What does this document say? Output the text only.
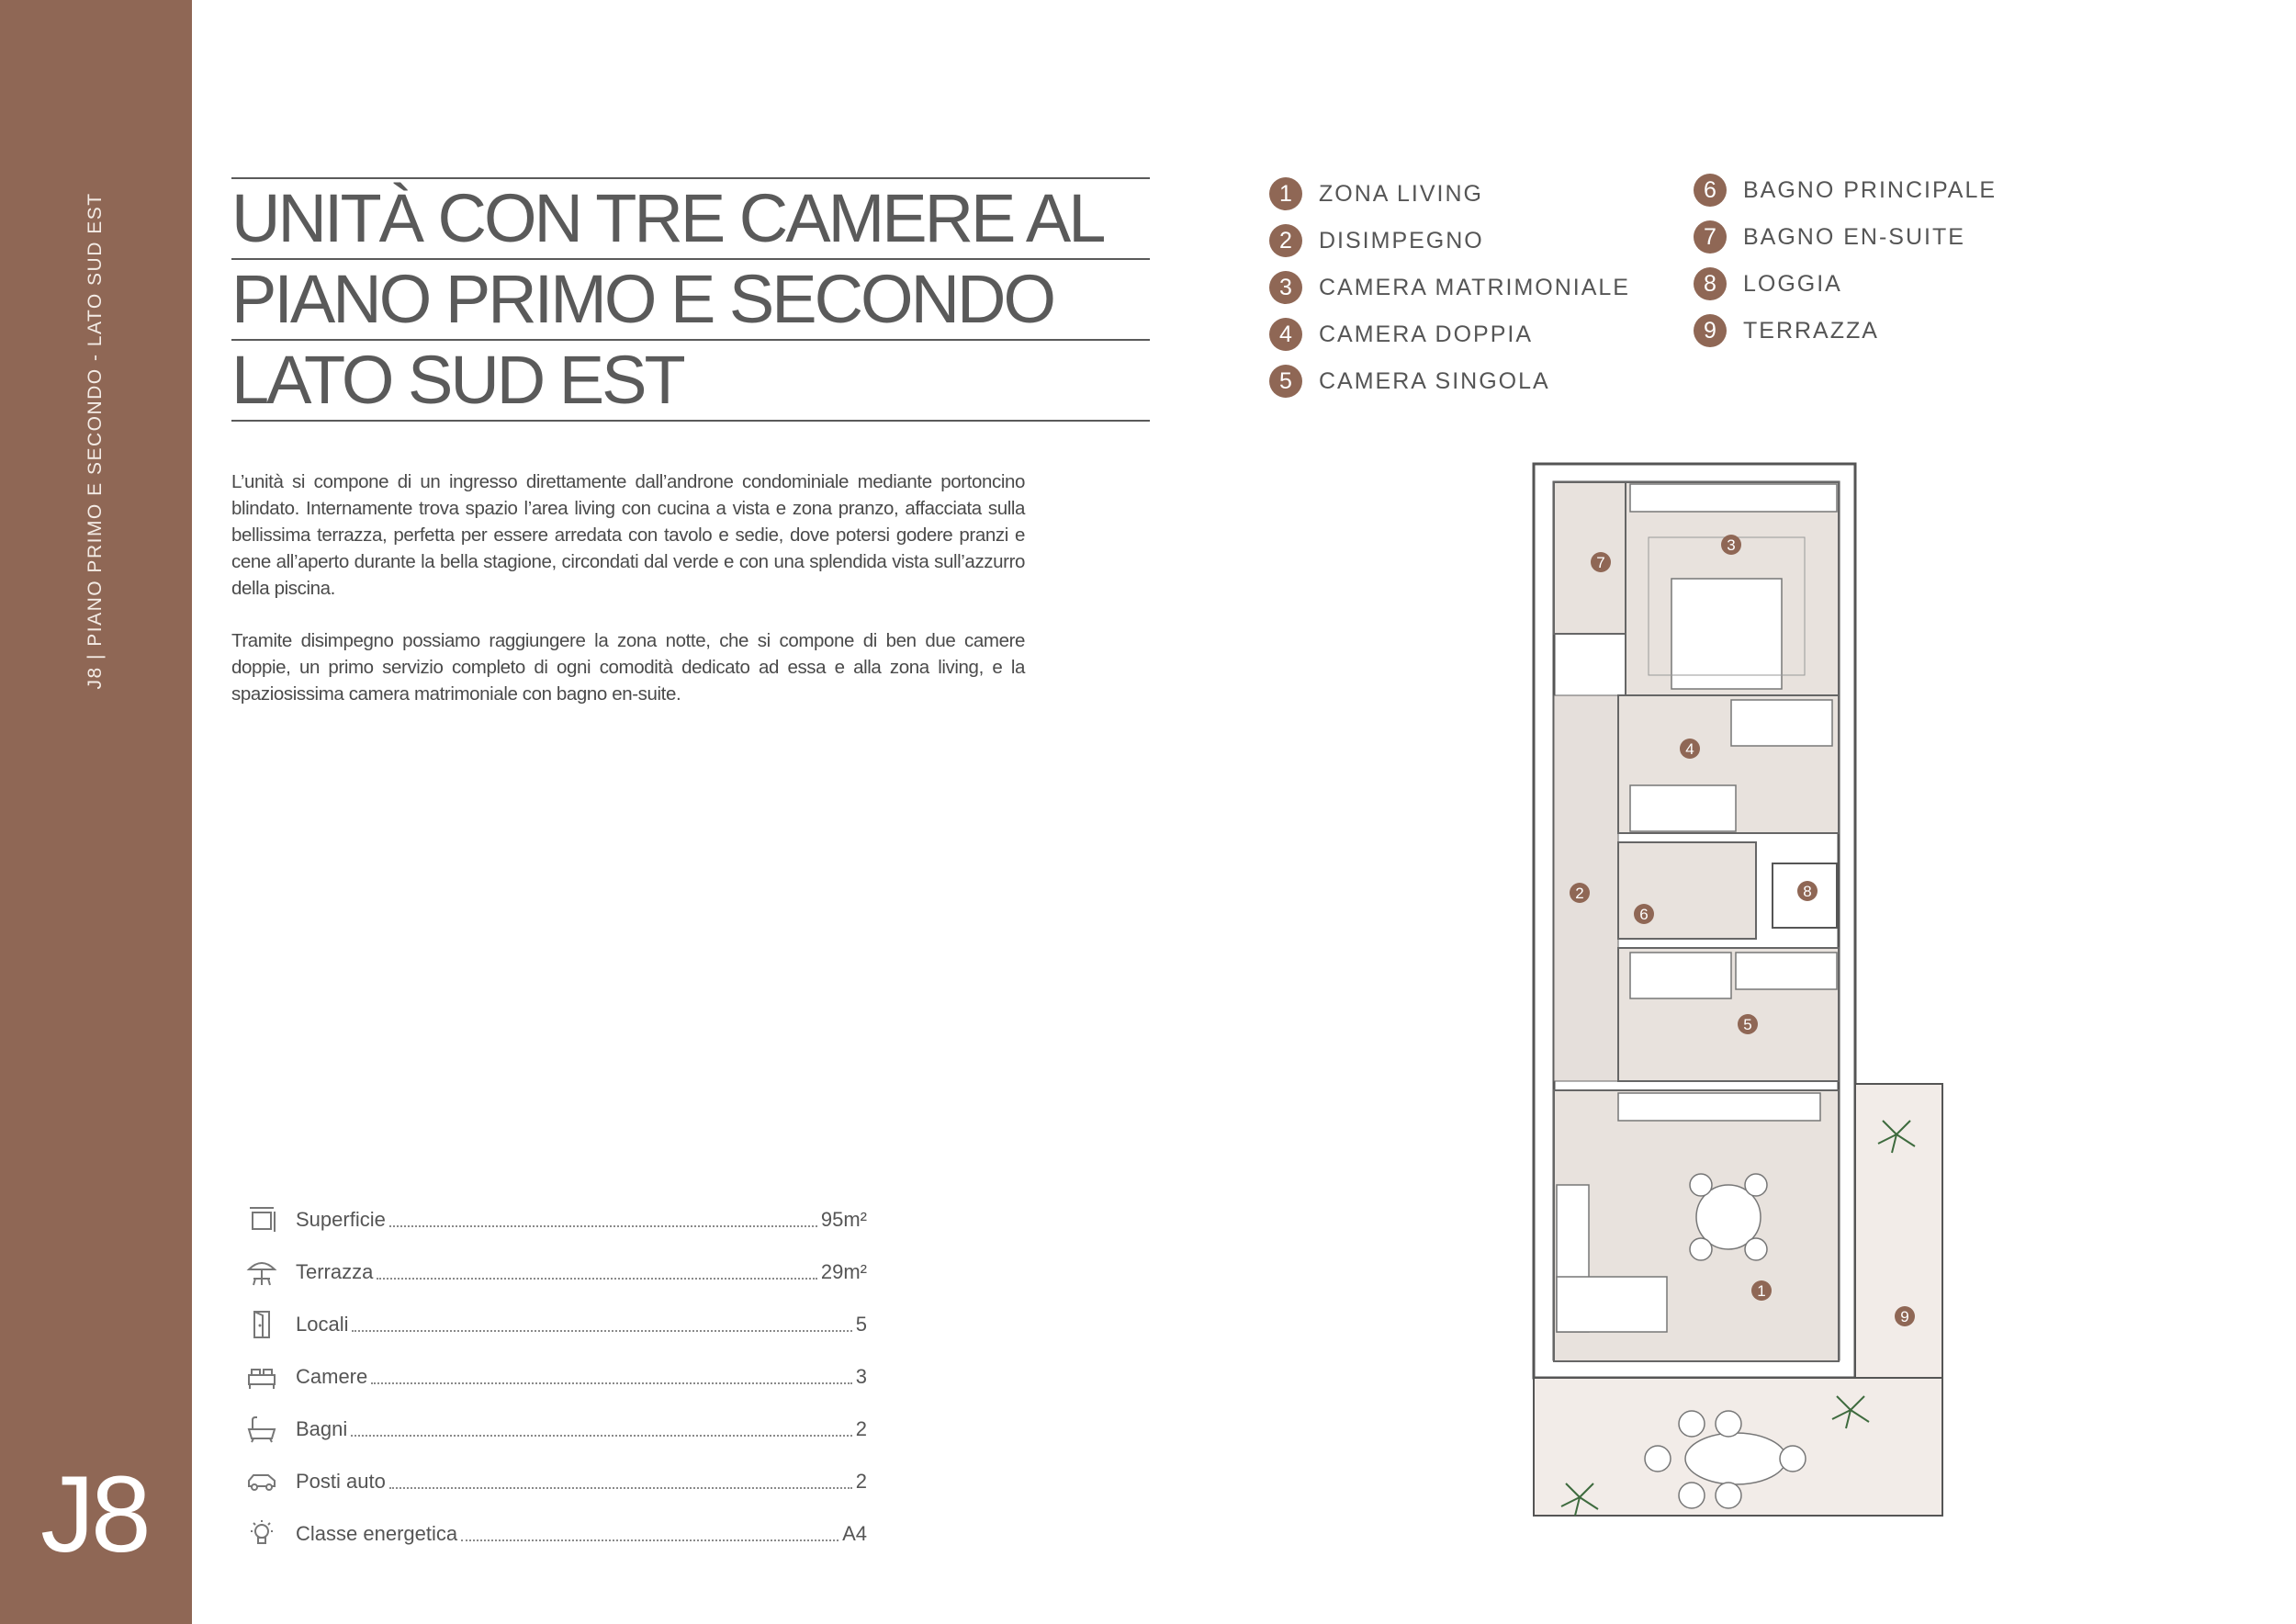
J8 | PIANO PRIMO E SECONDO - LATO SUD EST
J8
UNITÀ CON TRE CAMERE AL
PIANO PRIMO E SECONDO
LATO SUD EST

L’unità si compone di un ingresso direttamente dall’androne condominiale mediante portoncino blindato. Internamente trova spazio l’area living con cucina a vista e zona pranzo, affacciata sulla bellissima terrazza, perfetta per essere arredata con tavolo e sedie, dove potersi godere pranzi e cene all’aperto durante la bella stagione, circondati dal verde e con una splendida vista sull’azzurro della piscina.

Tramite disimpegno possiamo raggiungere la zona notte, che si compone di ben due camere doppie, un primo servizio completo di ogni comodità dedicato ad essa e alla zona living, e la spaziosissima camera matrimoniale con bagno en-suite.

1	ZONA LIVING
2	DISIMPEGNO
3	CAMERA MATRIMONIALE
4	CAMERA DOPPIA
5	CAMERA SINGOLA
6	BAGNO PRINCIPALE
7	BAGNO EN-SUITE
8	LOGGIA
9	TERRAZZA
Superficie	95m²
Terrazza	29m²
Locali	5
Camere	3
Bagni	2
Posti auto	2
Classe energetica	A4
1
2
3
4
5
6
7
8
9
